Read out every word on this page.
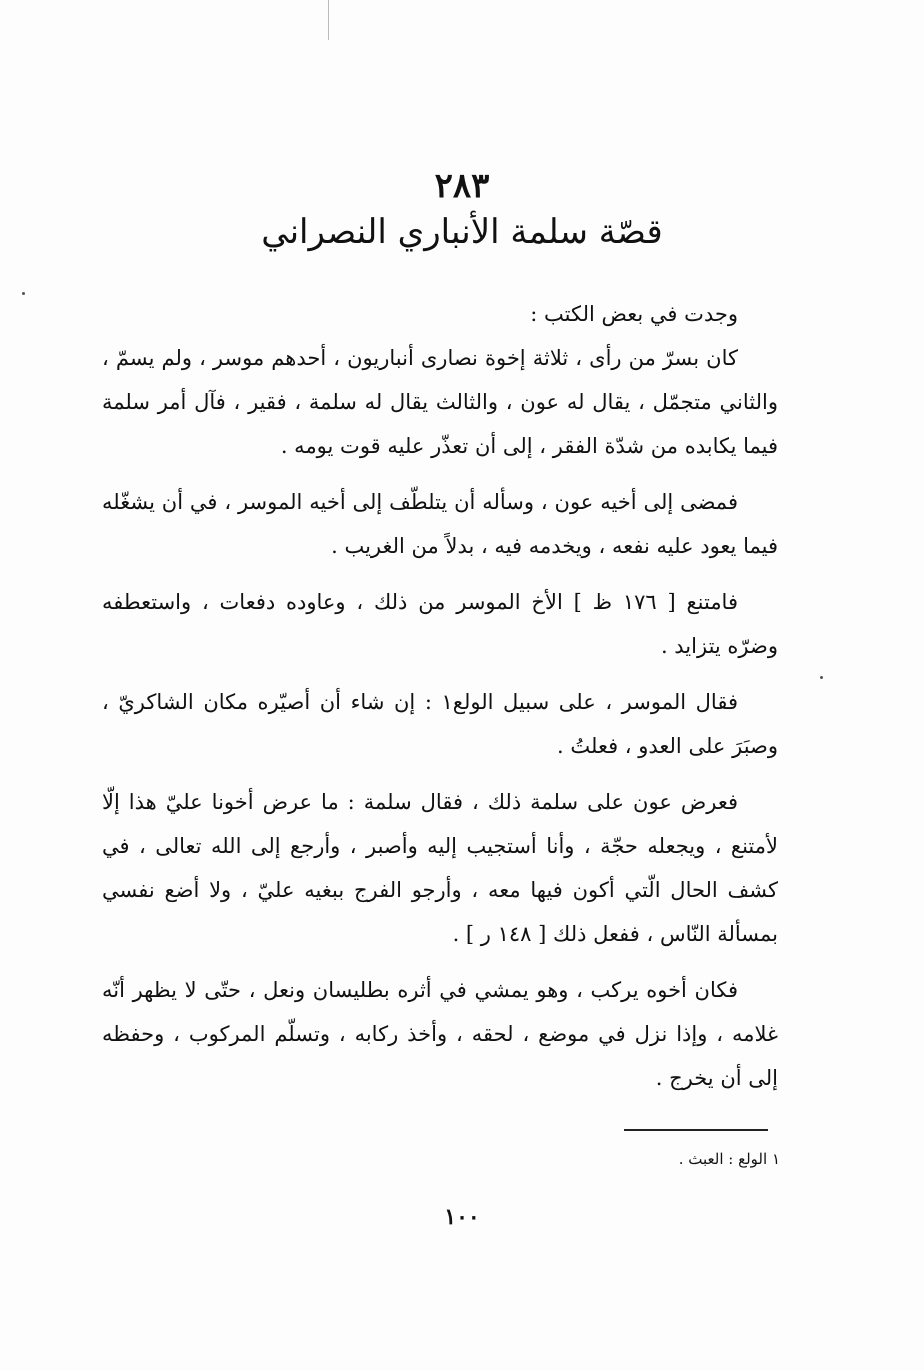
٢٨٣
قصّة سلمة الأنباري النصراني

وجدت في بعض الكتب :

كان بسرّ من رأى ، ثلاثة إخوة نصارى أنباريون ، أحدهم موسر ، ولم يسمّ ، والثاني متجمّل ، يقال له عون ، والثالث يقال له سلمة ، فقير ، فآل أمر سلمة فيما يكابده من شدّة الفقر ، إلى أن تعذّر عليه قوت يومه .

فمضى إلى أخيه عون ، وسأله أن يتلطّف إلى أخيه الموسر ، في أن يشغّله فيما يعود عليه نفعه ، ويخدمه فيه ، بدلاً من الغريب .

فامتنع [ ١٧٦ ظ ] الأخ الموسر من ذلك ، وعاوده دفعات ، واستعطفه وضرّه يتزايد .

فقال الموسر ، على سبيل الولع١ : إن شاء أن أصيّره مكان الشاكريّ ، وصبَرَ على العدو ، فعلتُ .

فعرض عون على سلمة ذلك ، فقال سلمة : ما عرض أخونا عليّ هذا إلّا لأمتنع ، ويجعله حجّة ، وأنا أستجيب إليه وأصبر ، وأرجع إلى الله تعالى ، في كشف الحال الّتي أكون فيها معه ، وأرجو الفرج ببغيه عليّ ، ولا أضع نفسي بمسألة النّاس ، ففعل ذلك [ ١٤٨ ر ] .

فكان أخوه يركب ، وهو يمشي في أثره بطليسان ونعل ، حتّى لا يظهر أنّه غلامه ، وإذا نزل في موضع ، لحقه ، وأخذ ركابه ، وتسلّم المركوب ، وحفظه إلى أن يخرج .

١ الولع : العبث .
١٠٠
